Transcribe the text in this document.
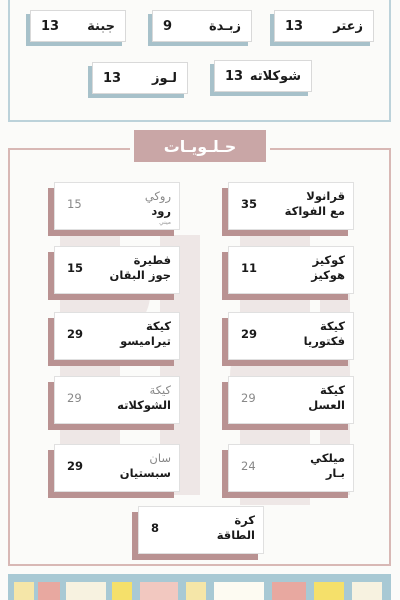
زعتر
13
زبـدة
9
جبنة
13
شوكلاته
13
لـوز
13
حـلـويـات
قرانولا
مع الفواكة
35
روكي
رود
ميني
15
كوكيز
هوكيز
11
فطيرة
جوز البقان
15
كيكة
فكتوريا
29
كيكة
تيراميسو
29
كيكة
العسل
29
كيكة
الشوكلاته
29
ميلكي
بـار
24
سان
سبستيان
29
كرة
الطاقة
8
